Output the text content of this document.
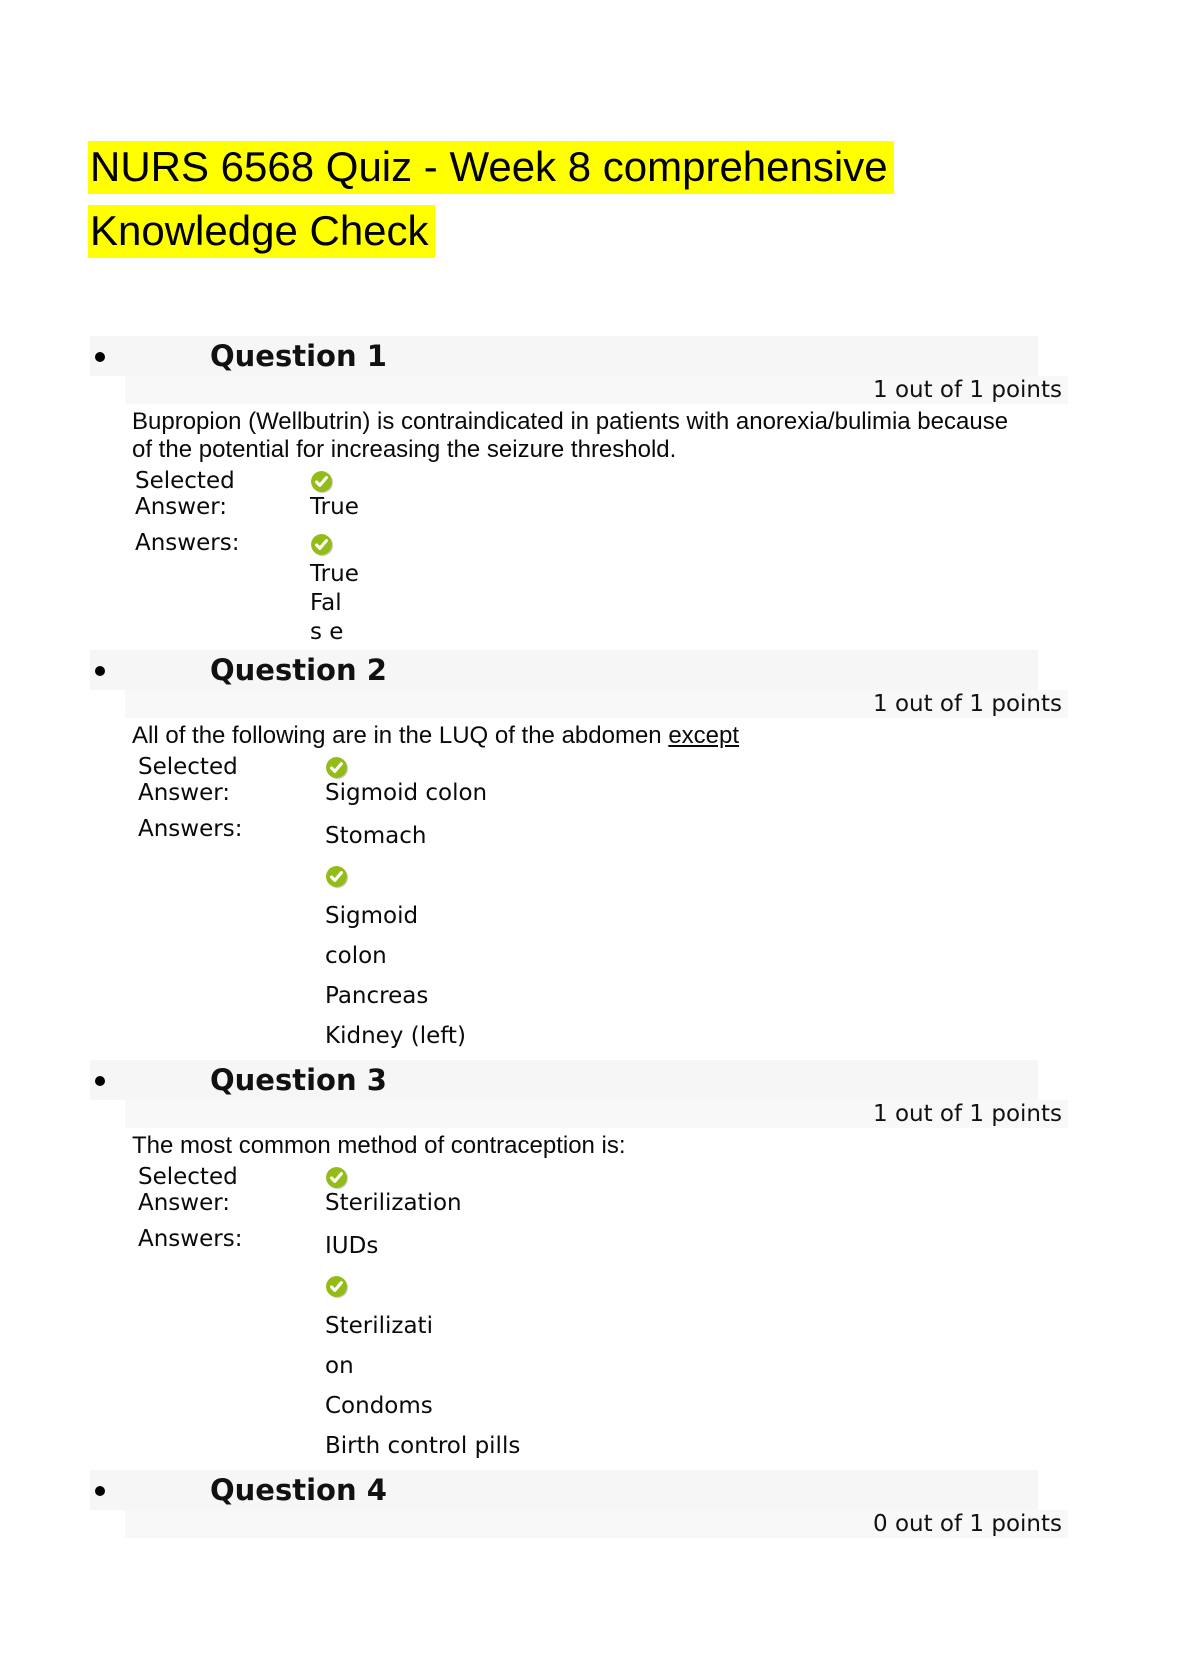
NURS 6568 Quiz - Week 8 comprehensive Knowledge Check
Question 1
1 out of 1 points

Bupropion (Wellbutrin) is contraindicated in patients with anorexia/bulimia because of the potential for increasing the seizure threshold.

Selected
Answer:	True
Answers:
True
Fal
s e
Question 2
1 out of 1 points

All of the following are in the LUQ of the abdomen except

Selected
Answer:	Sigmoid colon
Answers:	Stomach
Sigmoid
colon
Pancreas
Kidney (left)
Question 3
1 out of 1 points

The most common method of contraception is:

Selected
Answer:	Sterilization
Answers:	IUDs
Sterilizati
on
Condoms
Birth control pills
Question 4
0 out of 1 points
